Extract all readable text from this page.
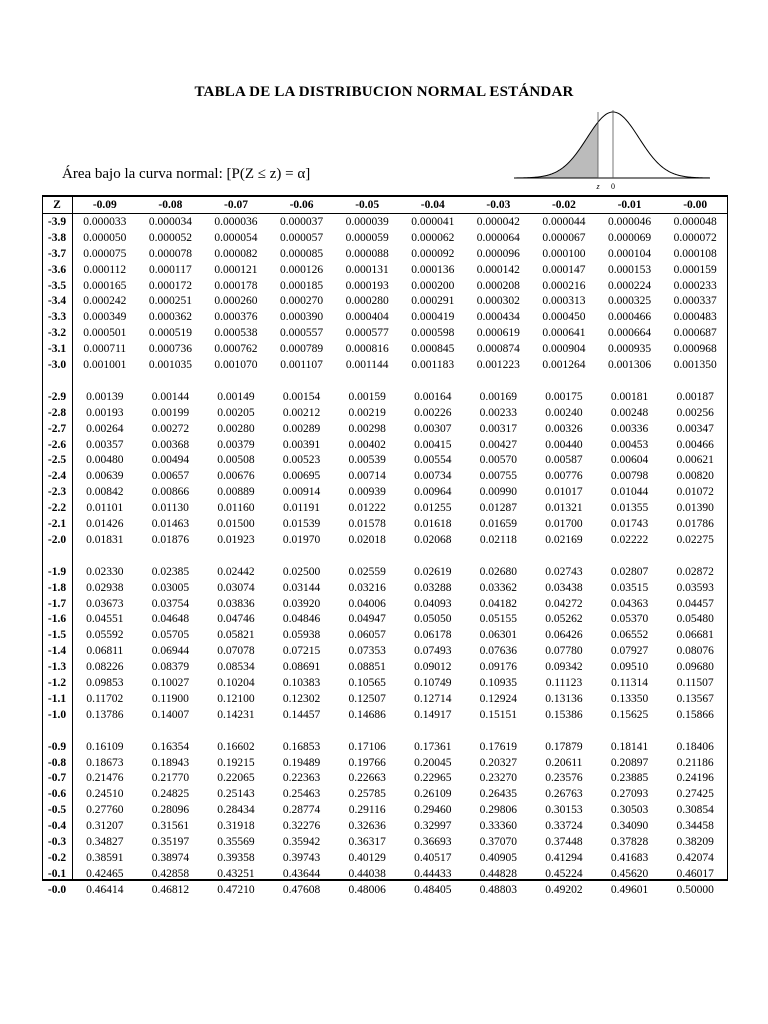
TABLA DE LA DISTRIBUCION NORMAL ESTÁNDAR
Área bajo la curva normal: [P(Z ≤ z) = α]
z 0
Z	-0.09	-0.08	-0.07	-0.06	-0.05	-0.04	-0.03	-0.02	-0.01	-0.00
-3.9	0.000033	0.000034	0.000036	0.000037	0.000039	0.000041	0.000042	0.000044	0.000046	0.000048
-3.8	0.000050	0.000052	0.000054	0.000057	0.000059	0.000062	0.000064	0.000067	0.000069	0.000072
-3.7	0.000075	0.000078	0.000082	0.000085	0.000088	0.000092	0.000096	0.000100	0.000104	0.000108
-3.6	0.000112	0.000117	0.000121	0.000126	0.000131	0.000136	0.000142	0.000147	0.000153	0.000159
-3.5	0.000165	0.000172	0.000178	0.000185	0.000193	0.000200	0.000208	0.000216	0.000224	0.000233
-3.4	0.000242	0.000251	0.000260	0.000270	0.000280	0.000291	0.000302	0.000313	0.000325	0.000337
-3.3	0.000349	0.000362	0.000376	0.000390	0.000404	0.000419	0.000434	0.000450	0.000466	0.000483
-3.2	0.000501	0.000519	0.000538	0.000557	0.000577	0.000598	0.000619	0.000641	0.000664	0.000687
-3.1	0.000711	0.000736	0.000762	0.000789	0.000816	0.000845	0.000874	0.000904	0.000935	0.000968
-3.0	0.001001	0.001035	0.001070	0.001107	0.001144	0.001183	0.001223	0.001264	0.001306	0.001350

-2.9	0.00139	0.00144	0.00149	0.00154	0.00159	0.00164	0.00169	0.00175	0.00181	0.00187
-2.8	0.00193	0.00199	0.00205	0.00212	0.00219	0.00226	0.00233	0.00240	0.00248	0.00256
-2.7	0.00264	0.00272	0.00280	0.00289	0.00298	0.00307	0.00317	0.00326	0.00336	0.00347
-2.6	0.00357	0.00368	0.00379	0.00391	0.00402	0.00415	0.00427	0.00440	0.00453	0.00466
-2.5	0.00480	0.00494	0.00508	0.00523	0.00539	0.00554	0.00570	0.00587	0.00604	0.00621
-2.4	0.00639	0.00657	0.00676	0.00695	0.00714	0.00734	0.00755	0.00776	0.00798	0.00820
-2.3	0.00842	0.00866	0.00889	0.00914	0.00939	0.00964	0.00990	0.01017	0.01044	0.01072
-2.2	0.01101	0.01130	0.01160	0.01191	0.01222	0.01255	0.01287	0.01321	0.01355	0.01390
-2.1	0.01426	0.01463	0.01500	0.01539	0.01578	0.01618	0.01659	0.01700	0.01743	0.01786
-2.0	0.01831	0.01876	0.01923	0.01970	0.02018	0.02068	0.02118	0.02169	0.02222	0.02275

-1.9	0.02330	0.02385	0.02442	0.02500	0.02559	0.02619	0.02680	0.02743	0.02807	0.02872
-1.8	0.02938	0.03005	0.03074	0.03144	0.03216	0.03288	0.03362	0.03438	0.03515	0.03593
-1.7	0.03673	0.03754	0.03836	0.03920	0.04006	0.04093	0.04182	0.04272	0.04363	0.04457
-1.6	0.04551	0.04648	0.04746	0.04846	0.04947	0.05050	0.05155	0.05262	0.05370	0.05480
-1.5	0.05592	0.05705	0.05821	0.05938	0.06057	0.06178	0.06301	0.06426	0.06552	0.06681
-1.4	0.06811	0.06944	0.07078	0.07215	0.07353	0.07493	0.07636	0.07780	0.07927	0.08076
-1.3	0.08226	0.08379	0.08534	0.08691	0.08851	0.09012	0.09176	0.09342	0.09510	0.09680
-1.2	0.09853	0.10027	0.10204	0.10383	0.10565	0.10749	0.10935	0.11123	0.11314	0.11507
-1.1	0.11702	0.11900	0.12100	0.12302	0.12507	0.12714	0.12924	0.13136	0.13350	0.13567
-1.0	0.13786	0.14007	0.14231	0.14457	0.14686	0.14917	0.15151	0.15386	0.15625	0.15866

-0.9	0.16109	0.16354	0.16602	0.16853	0.17106	0.17361	0.17619	0.17879	0.18141	0.18406
-0.8	0.18673	0.18943	0.19215	0.19489	0.19766	0.20045	0.20327	0.20611	0.20897	0.21186
-0.7	0.21476	0.21770	0.22065	0.22363	0.22663	0.22965	0.23270	0.23576	0.23885	0.24196
-0.6	0.24510	0.24825	0.25143	0.25463	0.25785	0.26109	0.26435	0.26763	0.27093	0.27425
-0.5	0.27760	0.28096	0.28434	0.28774	0.29116	0.29460	0.29806	0.30153	0.30503	0.30854
-0.4	0.31207	0.31561	0.31918	0.32276	0.32636	0.32997	0.33360	0.33724	0.34090	0.34458
-0.3	0.34827	0.35197	0.35569	0.35942	0.36317	0.36693	0.37070	0.37448	0.37828	0.38209
-0.2	0.38591	0.38974	0.39358	0.39743	0.40129	0.40517	0.40905	0.41294	0.41683	0.42074
-0.1	0.42465	0.42858	0.43251	0.43644	0.44038	0.44433	0.44828	0.45224	0.45620	0.46017
-0.0	0.46414	0.46812	0.47210	0.47608	0.48006	0.48405	0.48803	0.49202	0.49601	0.50000
